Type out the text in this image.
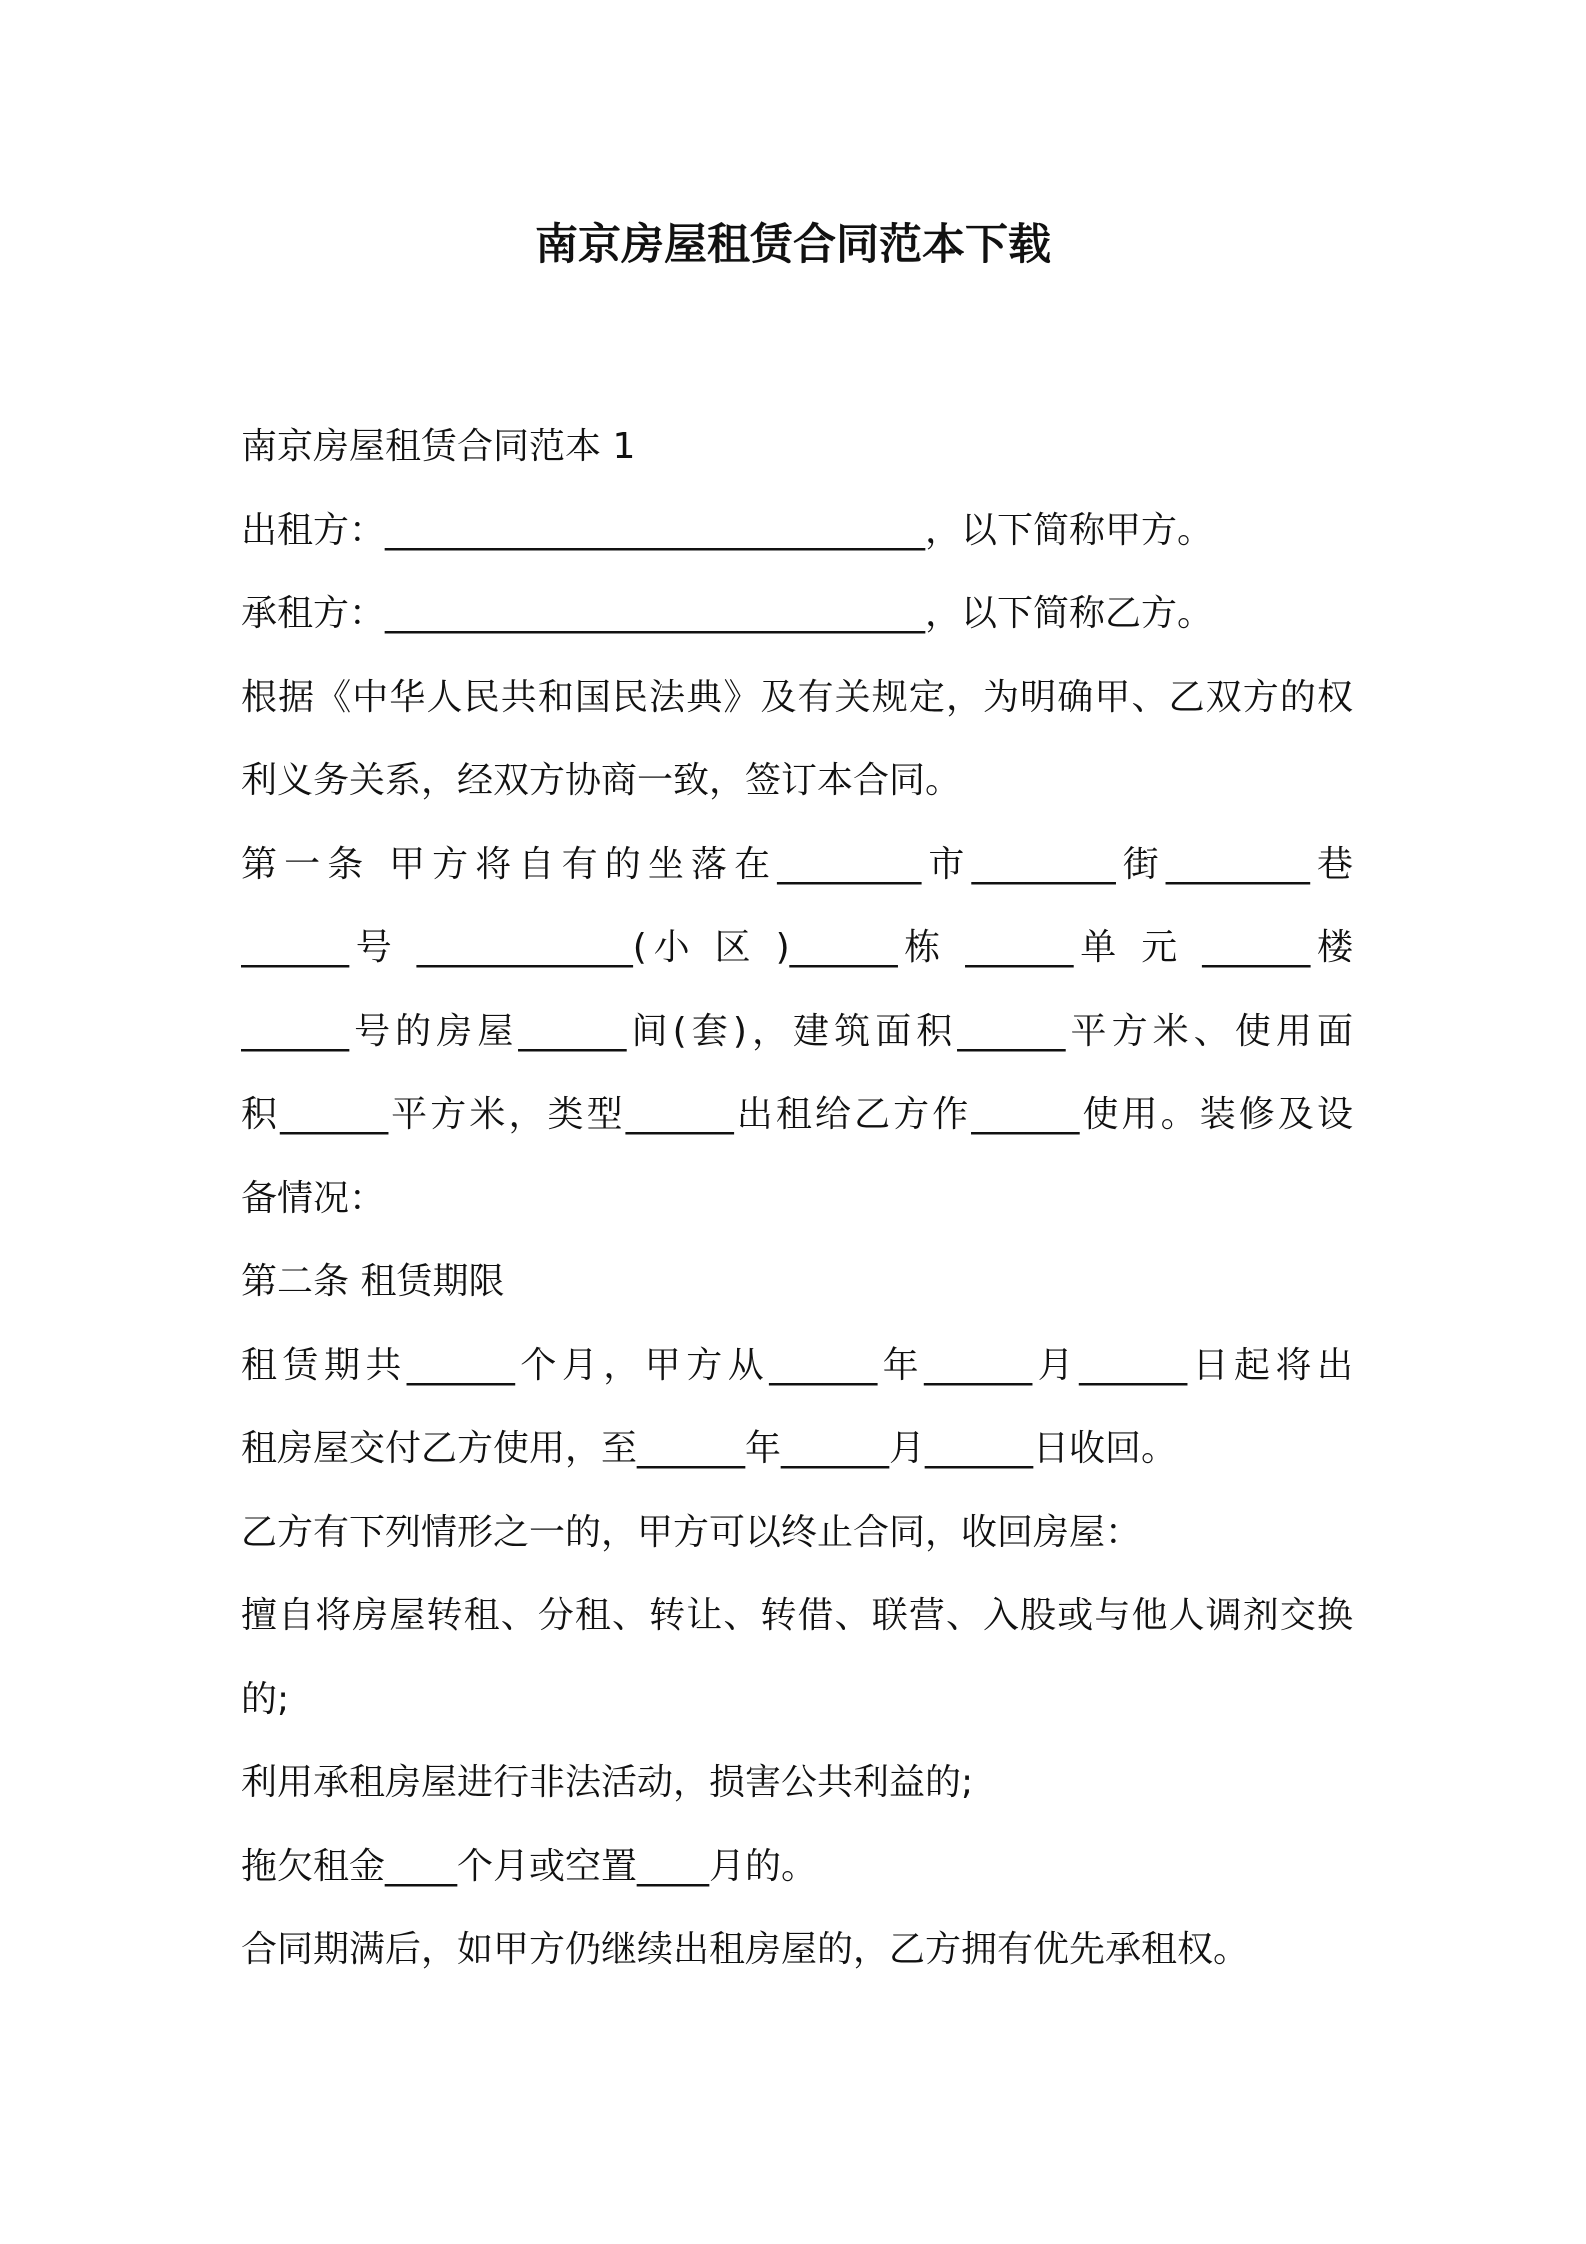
南京房屋租赁合同范本下载
南京房屋租赁合同范本 1
出租方：______________________________，以下简称甲方。
承租方：______________________________，以下简称乙方。
根据《中华人民共和国民法典》及有关规定，为明确甲、乙双方的权
利义务关系，经双方协商一致，签订本合同。
第一条 甲方将自有的坐落在________市________街________巷
______号 ____________(小 区 )______栋 ______单 元 ______楼
______号的房屋______间(套)，建筑面积______平方米、使用面
积______平方米，类型______出租给乙方作______使用。装修及设
备情况：
第二条 租赁期限
租赁期共______个月，甲方从______年______月______日起将出
租房屋交付乙方使用，至______年______月______日收回。
乙方有下列情形之一的，甲方可以终止合同，收回房屋：
擅自将房屋转租、分租、转让、转借、联营、入股或与他人调剂交换
的;
利用承租房屋进行非法活动，损害公共利益的;
拖欠租金____个月或空置____月的。
合同期满后，如甲方仍继续出租房屋的，乙方拥有优先承租权。
